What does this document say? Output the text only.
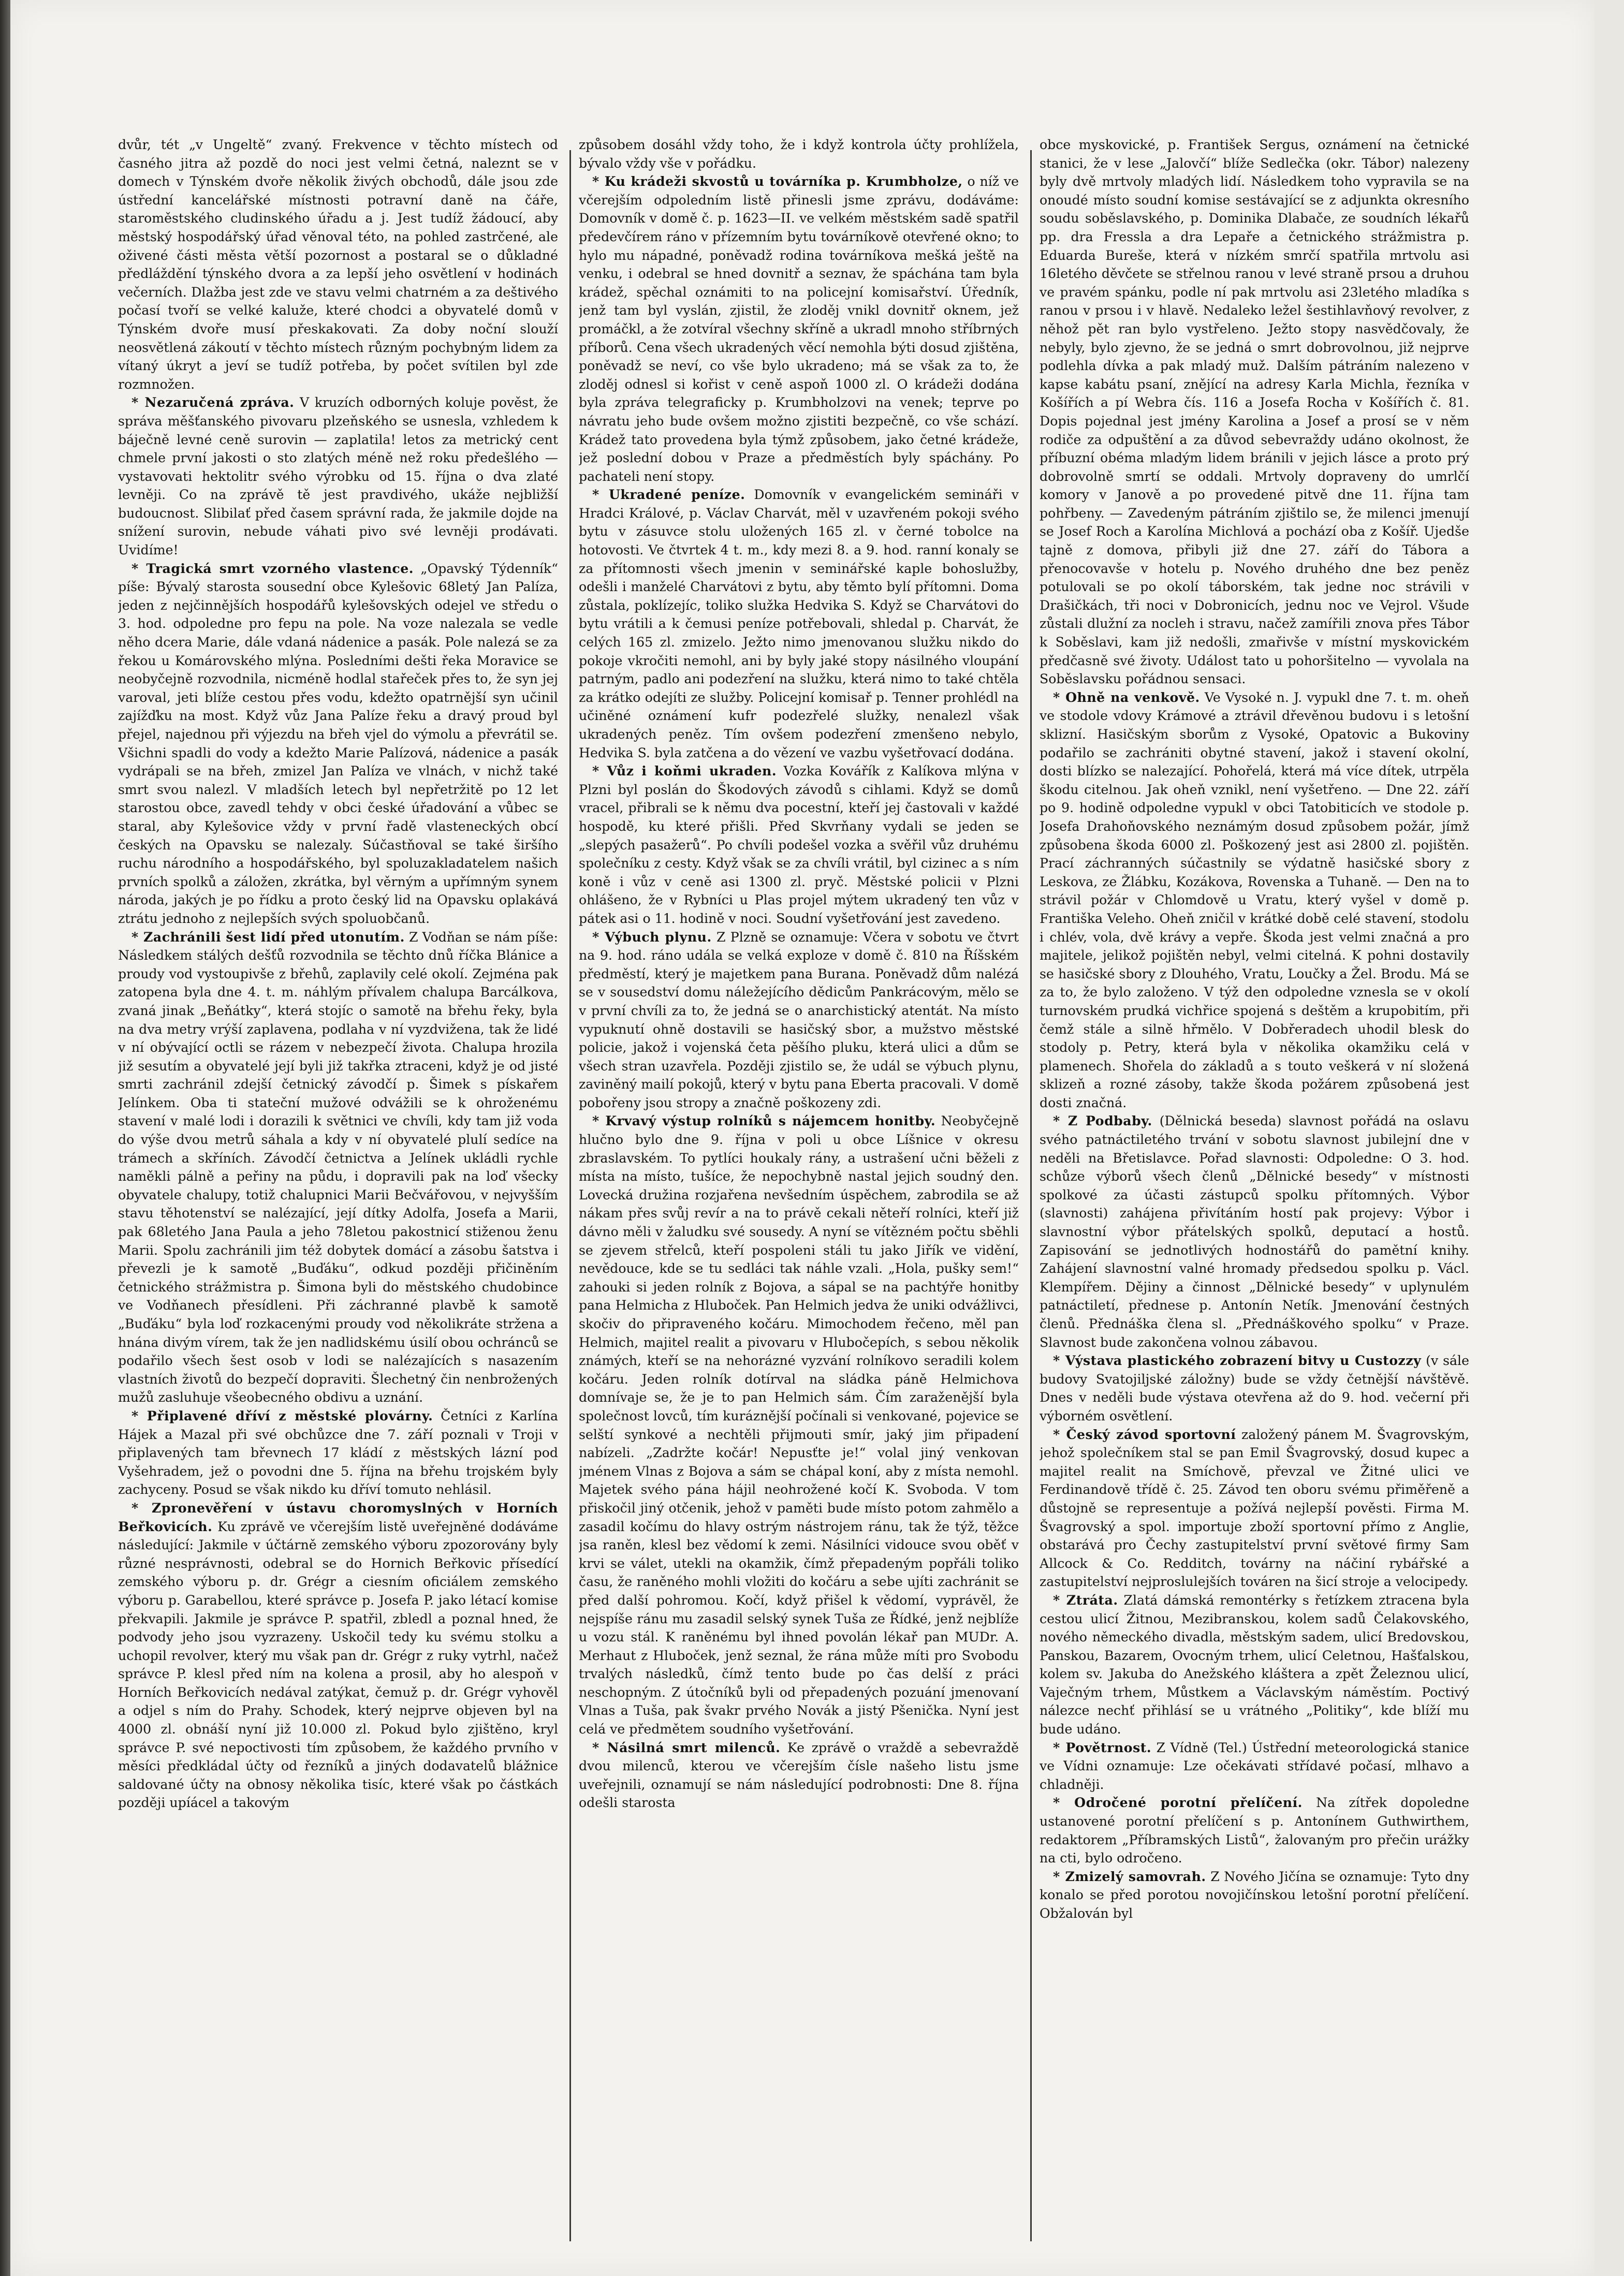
dvůr, tét „v Ungeltě“ zvaný. Frekvence v těchto místech od časného jitra až pozdě do noci jest velmi četná, naleznt se v domech v Týnském dvoře několik živých obchodů, dále jsou zde ústřední kancelářské místnosti potravní daně na čáře, staroměstského cludinského úřadu a j. Jest tudíž žádoucí, aby městský hospodářský úřad věnoval této, na pohled zastrčené, ale oživené části města větší pozornost a postaral se o důkladné předláždění týnského dvora a za lepší jeho osvětlení v hodinách večerních. Dlažba jest zde ve stavu velmi chatrném a za deštivého počasí tvoří se velké kaluže, které chodci a obyvatelé domů v Týnském dvoře musí přeskakovati. Za doby noční slouží neosvětlená zákoutí v těchto místech různým pochybným lidem za vítaný úkryt a jeví se tudíž potřeba, by počet svítilen byl zde rozmnožen.

* Nezaručená zpráva. V kruzích odborných koluje pověst, že správa měšťanského pivovaru plzeňského se usnesla, vzhledem k báječně levné ceně surovin — zaplatila! letos za metrický cent chmele první jakosti o sto zlatých méně než roku předešlého — vystavovati hektolitr svého výrobku od 15. října o dva zlaté levněji. Co na zprávě tě jest pravdivého, ukáže nejbližší budoucnost. Slibilať před časem správní rada, že jakmile dojde na snížení surovin, nebude váhati pivo své levněji prodávati. Uvidíme!

* Tragická smrt vzorného vlastence. „Opavský Týdenník“ píše: Bývalý starosta sousední obce Kylešovic 68letý Jan Palíza, jeden z nejčinnějších hospodářů kylešovských odejel ve středu o 3. hod. odpoledne pro fepu na pole. Na voze nalezala se vedle něho dcera Marie, dále vdaná nádenice a pasák. Pole nalezá se za řekou u Komárovského mlýna. Posledními dešti řeka Moravice se neobyčejně rozvodnila, nicméně hodlal stařeček přes to, že syn jej varoval, jeti blíže cestou přes vodu, kdežto opatrnější syn učinil zajížďku na most. Když vůz Jana Palíze řeku a dravý proud byl přejel, najednou při výjezdu na břeh vjel do výmolu a převrátil se. Všichni spadli do vody a kdežto Marie Palízová, nádenice a pasák vydrápali se na břeh, zmizel Jan Palíza ve vlnách, v nichž také smrt svou nalezl. V mladších letech byl nepřetržitě po 12 let starostou obce, zavedl tehdy v obci české úřadování a vůbec se staral, aby Kylešovice vždy v první řadě vlasteneckých obcí českých na Opavsku se nalezaly. Súčastňoval se také širšího ruchu národního a hospodářského, byl spoluzakladatelem našich prvních spolků a záložen, zkrátka, byl věrným a upřímným synem národa, jakých je po řídku a proto český lid na Opavsku oplakává ztrátu jednoho z nejlepších svých spoluobčanů.

* Zachránili šest lidí před utonutím. Z Vodňan se nám píše: Následkem stálých dešťů rozvodnila se těchto dnů říčka Blánice a proudy vod vystoupivše z břehů, zaplavily celé okolí. Zejména pak zatopena byla dne 4. t. m. náhlým přívalem chalupa Barcálkova, zvaná jinak „Beňátky“, která stojíc o samotě na břehu řeky, byla na dva metry vrýší zaplavena, podlaha v ní vyzdvižena, tak že lidé v ní obývající octli se rázem v nebezpečí života. Chalupa hrozila již sesutím a obyvatelé její byli již takřka ztraceni, když je od jisté smrti zachránil zdejší četnický závodčí p. Šimek s pískařem Jelínkem. Oba ti stateční mužové odvážili se k ohroženému stavení v malé lodi i dorazili k světnici ve chvíli, kdy tam již voda do výše dvou metrů sáhala a kdy v ní obyvatelé plulí sedíce na trámech a skříních. Závodčí četnictva a Jelínek ukládli rychle naměkli pálně a peřiny na půdu, i dopravili pak na loď všecky obyvatele chalupy, totiž chalupnici Marii Bečvářovou, v nejvyšším stavu těhotenství se nalézající, její dítky Adolfa, Josefa a Marii, pak 68letého Jana Paula a jeho 78letou pakostnicí stiženou ženu Marii. Spolu zachránili jim též dobytek domácí a zásobu šatstva i převezli je k samotě „Buďáku“, odkud později přičiněním četnického strážmistra p. Šimona byli do městského chudobince ve Vodňanech přesídleni. Při záchranné plavbě k samotě „Buďáku“ byla loď rozkacenými proudy vod několikráte stržena a hnána divým vírem, tak že jen nadlidskému úsilí obou ochránců se podařilo všech šest osob v lodi se nalézajících s nasazením vlastních životů do bezpečí dopraviti. Šlechetný čin nenbrožených mužů zasluhuje všeobecného obdivu a uznání.

* Připlavené dříví z městské plovárny. Četníci z Karlína Hájek a Mazal při své obchůzce dne 7. září poznali v Troji v připlavených tam břevnech 17 kládí z městských lázní pod Vyšehradem, jež o povodni dne 5. října na břehu trojském byly zachyceny. Posud se však nikdo ku dříví tomuto nehlásil.

* Zpronevěření v ústavu choromyslných v Horních Beřkovicích. Ku zprávě ve včerejším listě uveřejněné dodáváme následující: Jakmile v účtárně zemského výboru zpozorovány byly různé nesprávnosti, odebral se do Hornich Beřkovic přísedící zemského výboru p. dr. Grégr a ciesním oficiálem zemského výboru p. Garabellou, které správce p. Josefa P. jako létací komise překvapili. Jakmile je správce P. spatřil, zbledl a poznal hned, že podvody jeho jsou vyzrazeny. Uskočil tedy ku svému stolku a uchopil revolver, který mu však pan dr. Grégr z ruky vytrhl, načež správce P. klesl před ním na kolena a prosil, aby ho alespoň v Horních Beřkovicích nedával zatýkat, čemuž p. dr. Grégr vyhověl a odjel s ním do Prahy. Schodek, který nejprve objeven byl na 4000 zl. obnáší nyní již 10.000 zl. Pokud bylo zjištěno, kryl správce P. své nepoctivosti tím způsobem, že každého prvního v měsíci předkládal účty od řezníků a jiných dodavatelů blážnice saldované účty na obnosy několika tisíc, které však po částkách později upíácel a takovým

způsobem dosáhl vždy toho, že i když kontrola účty prohlížela, bývalo vždy vše v pořádku.

* Ku krádeži skvostů u továrníka p. Krumbholze, o níž ve včerejším odpoledním listě přinesli jsme zprávu, dodáváme: Domovník v domě č. p. 1623—II. ve velkém městském sadě spatřil předevčírem ráno v přízemním bytu továrníkově otevřené okno; to hylo mu nápadné, poněvadž rodina továrníkova mešká ještě na venku, i odebral se hned dovnitř a seznav, že spáchána tam byla krádež, spěchal oznámiti to na policejní komisařství. Úředník, jenž tam byl vyslán, zjistil, že zloděj vnikl dovnitř oknem, jež promáčkl, a že zotvíral všechny skříně a ukradl mnoho stříbrných příborů. Cena všech ukradených věcí nemohla býti dosud zjištěna, poněvadž se neví, co vše bylo ukradeno; má se však za to, že zloděj odnesl si kořist v ceně aspoň 1000 zl. O krádeži dodána byla zpráva telegraficky p. Krumbholzovi na venek; teprve po návratu jeho bude ovšem možno zjistiti bezpečně, co vše schází. Krádež tato provedena byla týmž způsobem, jako četné krádeže, jež poslední dobou v Praze a předměstích byly spáchány. Po pachateli není stopy.

* Ukradené peníze. Domovník v evangelickém semináři v Hradci Králové, p. Václav Charvát, měl v uzavřeném pokoji svého bytu v zásuvce stolu uložených 165 zl. v černé tobolce na hotovosti. Ve čtvrtek 4 t. m., kdy mezi 8. a 9. hod. ranní konaly se za přítomnosti všech jmenin v seminářské kaple bohoslužby, odešli i manželé Charvátovi z bytu, aby těmto bylí přítomni. Doma zůstala, poklízejíc, toliko služka Hedvika S. Když se Charvátovi do bytu vrátili a k čemusi peníze potřebovali, shledal p. Charvát, že celých 165 zl. zmizelo. Ježto nimo jmenovanou služku nikdo do pokoje vkročiti nemohl, ani by byly jaké stopy násilného vloupání patrným, padlo ani podezření na služku, která nimo to také chtěla za krátko odejíti ze služby. Policejní komisař p. Tenner prohlédl na učiněné oznámení kufr podezřelé služky, nenalezl však ukradených peněz. Tím ovšem podezření zmenšeno nebylo, Hedvika S. byla zatčena a do vězení ve vazbu vyšetřovací dodána.

* Vůz i koňmi ukraden. Vozka Kovářík z Kalíkova mlýna v Plzni byl poslán do Škodových závodů s cihlami. Když se domů vracel, přibrali se k němu dva pocestní, kteří jej častovali v každé hospodě, ku které přišli. Před Skvrňany vydali se jeden se „slepých pasažerů“. Po chvíli podešel vozka a svěřil vůz druhému společníku z cesty. Když však se za chvíli vrátil, byl cizinec a s ním koně i vůz v ceně asi 1300 zl. pryč. Městské policii v Plzni ohlášeno, že v Rybníci u Plas projel mýtem ukradený ten vůz v pátek asi o 11. hodině v noci. Soudní vyšetřování jest zavedeno.

* Výbuch plynu. Z Plzně se oznamuje: Včera v sobotu ve čtvrt na 9. hod. ráno udála se velká exploze v domě č. 810 na Říšském předměstí, který je majetkem pana Burana. Poněvadž dům nalézá se v sousedství domu náležejícího dědicům Pankrácovým, mělo se v první chvíli za to, že jedná se o anarchistický atentát. Na místo vypuknutí ohně dostavili se hasičský sbor, a mužstvo městské policie, jakož i vojenská četa pěšího pluku, která ulici a dům se všech stran uzavřela. Později zjistilo se, že udál se výbuch plynu, zaviněný mailí pokojů, který v bytu pana Eberta pracovali. V domě pobořeny jsou stropy a značně poškozeny zdi.

* Krvavý výstup rolníků s nájemcem honitby. Neobyčejně hlučno bylo dne 9. října v poli u obce Líšnice v okresu zbraslavském. To pytlíci houkaly rány, a ustrašení učni běželi z místa na místo, tušíce, že nepochybně nastal jejich soudný den. Lovecká družina rozjařena nevšedním úspěchem, zabrodila se až nákam přes svůj revír a na to právě cekali něteří rolníci, kteří již dávno měli v žaludku své sousedy. A nyní se vítězném počtu sběhli se zjevem střelců, kteří pospoleni stáli tu jako Jiřík ve vidění, nevědouce, kde se tu sedláci tak náhle vzali. „Hola, pušky sem!“ zahouki si jeden rolník z Bojova, a sápal se na pachtýře honitby pana Helmicha z Hluboček. Pan Helmich jedva že uniki odvážlivci, skočiv do připraveného kočáru. Mimochodem řečeno, měl pan Helmich, majitel realit a pivovaru v Hlubočepích, s sebou několik známých, kteří se na nehorázné vyzvání rolníkovo seradili kolem kočáru. Jeden rolník dotírval na sládka páně Helmichova domnívaje se, že je to pan Helmich sám. Čím zaraženější byla společnost lovců, tím kuráznější počínali si venkované, pojevice se selští synkové a nechtěli přijmouti smír, jaký jim připadení nabízeli. „Zadržte kočár! Nepusťte je!“ volal jiný venkovan jménem Vlnas z Bojova a sám se chápal koní, aby z místa nemohl. Majetek svého pána hájil neohrožené kočí K. Svoboda. V tom přiskočil jiný otčenik, jehož v paměti bude místo potom zahmělo a zasadil kočímu do hlavy ostrým nástrojem ránu, tak že týž, těžce jsa raněn, klesl bez vědomí k zemi. Násilníci vidouce svou oběť v krvi se válet, utekli na okamžik, čímž přepadeným popřáli toliko času, že raněného mohli vložiti do kočáru a sebe ujíti zachránit se před další pohromou. Kočí, když přišel k vědomí, vyprávěl, že nejspíše ránu mu zasadil selský synek Tuša ze Řídké, jenž nejblíže u vozu stál. K raněnému byl ihned povolán lékař pan MUDr. A. Merhaut z Hluboček, jenž seznal, že rána může míti pro Svobodu trvalých následků, čímž tento bude po čas delší z práci neschopným. Z útočníků byli od přepadených pozuání jmenovaní Vlnas a Tuša, pak švakr prvého Novák a jistý Pšenička. Nyní jest celá ve předmětem soudního vyšetřování.

* Násilná smrt milenců. Ke zprávě o vraždě a sebevraždě dvou milenců, kterou ve včerejším čísle našeho listu jsme uveřejnili, oznamují se nám následující podrobnosti: Dne 8. října odešli starosta

obce myskovické, p. František Sergus, oznámení na četnické stanici, že v lese „Jalovčí“ blíže Sedlečka (okr. Tábor) nalezeny byly dvě mrtvoly mladých lidí. Následkem toho vypravila se na onoudé místo soudní komise sestávající se z adjunkta okresního soudu soběslavského, p. Dominika Dlabače, ze soudních lékařů pp. dra Fressla a dra Lepaře a četnického strážmistra p. Eduarda Bureše, která v nízkém smrčí spatřila mrtvolu asi 16letého děvčete se střelnou ranou v levé straně prsou a druhou ve pravém spánku, podle ní pak mrtvolu asi 23letého mladíka s ranou v prsou i v hlavě. Nedaleko ležel šestihlavňový revolver, z něhož pět ran bylo vystřeleno. Ježto stopy nasvědčovaly, že nebyly, bylo zjevno, že se jedná o smrt dobrovolnou, již nejprve podlehla dívka a pak mladý muž. Dalším pátráním nalezeno v kapse kabátu psaní, znějící na adresy Karla Michla, řezníka v Košířích a pí Webra čís. 116 a Josefa Rocha v Košířích č. 81. Dopis pojednal jest jmény Karolina a Josef a prosí se v něm rodiče za odpuštění a za důvod sebevraždy udáno okolnost, že příbuzní obéma mladým lidem bránili v jejich lásce a proto prý dobrovolně smrtí se oddali. Mrtvoly dopraveny do umrlčí komory v Janově a po provedené pitvě dne 11. října tam pohřbeny. — Zavedeným pátráním zjištilo se, že milenci jmenují se Josef Roch a Karolína Michlová a pochází oba z Košíř. Ujedše tajně z domova, přibyli již dne 27. září do Tábora a přenocovavše v hotelu p. Nového druhého dne bez peněz potulovali se po okolí táborském, tak jedne noc strávili v Drašičkách, tři noci v Dobronicích, jednu noc ve Vejrol. Všude zůstali dlužní za nocleh i stravu, načež zamířili znova přes Tábor k Soběslavi, kam již nedošli, zmařivše v místní myskovickém předčasně své životy. Událost tato u pohoršitelno — vyvolala na Soběslavsku pořádnou sensaci.

* Ohně na venkově. Ve Vysoké n. J. vypukl dne 7. t. m. oheň ve stodole vdovy Krámové a ztrávil dřevěnou budovu i s letošní sklizní. Hasičským sborům z Vysoké, Opatovic a Bukoviny podařilo se zachrániti obytné stavení, jakož i stavení okolní, dosti blízko se nalezající. Pohořelá, která má více dítek, utrpěla škodu citelnou. Jak oheň vznikl, není vyšetřeno. — Dne 22. září po 9. hodině odpoledne vypukl v obci Tatobiticích ve stodole p. Josefa Drahoňovského neznámým dosud způsobem požár, jímž způsobena škoda 6000 zl. Poškozený jest asi 2800 zl. pojištěn. Prací záchranných súčastnily se výdatně hasičské sbory z Leskova, ze Žlábku, Kozákova, Rovenska a Tuhaně. — Den na to strávil požár v Chlomdově u Vratu, který vyšel v domě p. Františka Veleho. Oheň zničil v krátké době celé stavení, stodolu i chlév, vola, dvě krávy a vepře. Škoda jest velmi značná a pro majitele, jelikož pojištěn nebyl, velmi citelná. K pohni dostavily se hasičské sbory z Dlouhého, Vratu, Loučky a Žel. Brodu. Má se za to, že bylo založeno. V týž den odpoledne vznesla se v okolí turnovském prudká vichřice spojená s deštěm a krupobitím, při čemž stále a silně hřmělo. V Dobřeradech uhodil blesk do stodoly p. Petry, která byla v několika okamžiku celá v plamenech. Shořela do základů a s touto veškerá v ní složená sklizeň a rozné zásoby, takže škoda požárem způsobená jest dosti značná.

* Z Podbaby. (Dělnická beseda) slavnost pořádá na oslavu svého patnáctiletého trvání v sobotu slavnost jubilejní dne v neděli na Břetislavce. Pořad slavnosti: Odpoledne: O 3. hod. schůze výborů všech členů „Dělnické besedy“ v místnosti spolkové za účasti zástupců spolku přítomných. Výbor (slavnosti) zahájena přivítáním hostí pak projevy: Výbor i slavnostní výbor přátelských spolků, deputací a hostů. Zapisování se jednotlivých hodnostářů do pamětní knihy. Zahájení slavnostní valné hromady předsedou spolku p. Václ. Klempířem. Dějiny a činnost „Dělnické besedy“ v uplynulém patnáctiletí, přednese p. Antonín Netík. Jmenování čestných členů. Přednáška člena sl. „Přednáškového spolku“ v Praze. Slavnost bude zakončena volnou zábavou.

* Výstava plastického zobrazení bitvy u Custozzy (v sále budovy Svatojiljské záložny) bude se vždy četnější návštěvě. Dnes v neděli bude výstava otevřena až do 9. hod. večerní při výborném osvětlení.

* Český závod sportovní založený pánem M. Švagrovským, jehož společníkem stal se pan Emil Švagrovský, dosud kupec a majitel realit na Smíchově, převzal ve Žitné ulici ve Ferdinandově třídě č. 25. Závod ten oboru svému přiměřeně a důstojně se representuje a požívá nejlepší pověsti. Firma M. Švagrovský a spol. importuje zboží sportovní přímo z Anglie, obstarává pro Čechy zastupitelství první světové firmy Sam Allcock & Co. Redditch, továrny na náčiní rybářské a zastupitelství nejproslulejších továren na šicí stroje a velocipedy.

* Ztráta. Zlatá dámská remontérky s řetízkem ztracena byla cestou ulicí Žitnou, Mezibranskou, kolem sadů Čelakovského, nového německého divadla, městským sadem, ulicí Bredovskou, Panskou, Bazarem, Ovocným trhem, ulicí Celetnou, Hašťalskou, kolem sv. Jakuba do Anežského kláštera a zpět Železnou ulicí, Vaječným trhem, Můstkem a Václavským náměstím. Poctivý nálezce nechť přihlásí se u vrátného „Politiky“, kde blíží mu bude udáno.

* Povětrnost. Z Vídně (Tel.) Ústřední meteorologická stanice ve Vídni oznamuje: Lze očekávati střídavé počasí, mlhavo a chladněji.

* Odročené porotní přelíčení. Na zítřek dopoledne ustanovené porotní přelíčení s p. Antonínem Guthwirthem, redaktorem „Příbramských Listů“, žalovaným pro přečin urážky na cti, bylo odročeno.

* Zmizelý samovrah. Z Nového Jičína se oznamuje: Tyto dny konalo se před porotou novojičínskou letošní porotní přelíčení. Obžalován byl
